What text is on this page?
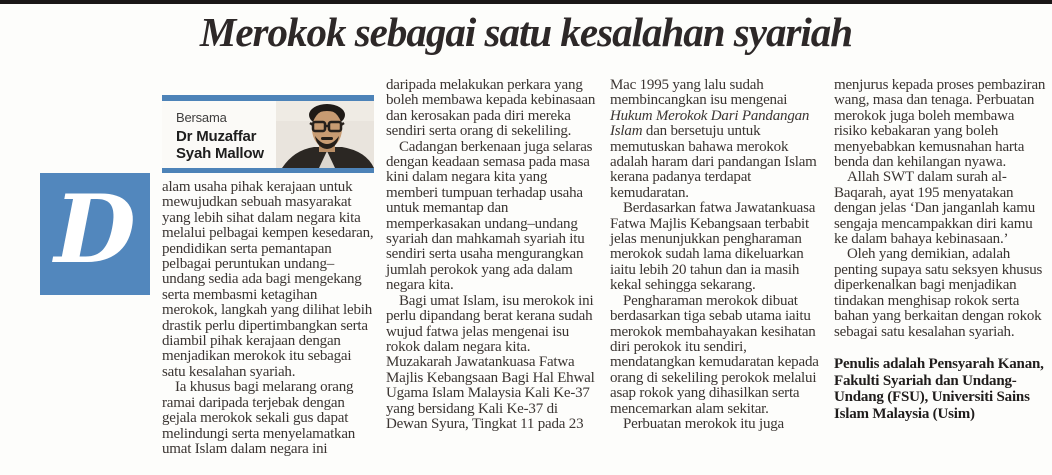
Merokok sebagai satu kesalahan syariah
D
Bersama
Dr Muzaffar Syah Mallow

alam usaha pihak kerajaan untuk mewujudkan sebuah masyarakat yang lebih sihat dalam negara kita melalui pelbagai kempen kesedaran, pendidikan serta pemantapan pelbagai peruntukan undang–undang sedia ada bagi mengekang serta membasmi ketagihan merokok, langkah yang dilihat lebih drastik perlu dipertimbangkan serta diambil pihak kerajaan dengan menjadikan merokok itu sebagai satu kesalahan syariah.

Ia khusus bagi melarang orang ramai daripada terjebak dengan gejala merokok sekali gus dapat melindungi serta menyelamatkan umat Islam dalam negara ini

daripada melakukan perkara yang boleh membawa kepada kebinasaan dan kerosakan pada diri mereka sendiri serta orang di sekeliling.

Cadangan berkenaan juga selaras dengan keadaan semasa pada masa kini dalam negara kita yang memberi tumpuan terhadap usaha untuk memantap dan memperkasakan undang–undang syariah dan mahkamah syariah itu sendiri serta usaha mengurangkan jumlah perokok yang ada dalam negara kita.

Bagi umat Islam, isu merokok ini perlu dipandang berat kerana sudah wujud fatwa jelas mengenai isu rokok dalam negara kita. Muzakarah Jawatankuasa Fatwa Majlis Kebangsaan Bagi Hal Ehwal Ugama Islam Malaysia Kali Ke-37 yang bersidang Kali Ke-37 di Dewan Syura, Tingkat 11 pada 23

Mac 1995 yang lalu sudah membincangkan isu mengenai Hukum Merokok Dari Pandangan Islam dan bersetuju untuk memutuskan bahawa merokok adalah haram dari pandangan Islam kerana padanya terdapat kemudaratan.

Berdasarkan fatwa Jawatankuasa Fatwa Majlis Kebangsaan terbabit jelas menunjukkan pengharaman merokok sudah lama dikeluarkan iaitu lebih 20 tahun dan ia masih kekal sehingga sekarang.

Pengharaman merokok dibuat berdasarkan tiga sebab utama iaitu merokok membahayakan kesihatan diri perokok itu sendiri, mendatangkan kemudaratan kepada orang di sekeliling perokok melalui asap rokok yang dihasilkan serta mencemarkan alam sekitar.

Perbuatan merokok itu juga

menjurus kepada proses pembaziran wang, masa dan tenaga. Perbuatan merokok juga boleh membawa risiko kebakaran yang boleh menyebabkan kemusnahan harta benda dan kehilangan nyawa.

Allah SWT dalam surah al-Baqarah, ayat 195 menyatakan dengan jelas ‘Dan janganlah kamu sengaja mencampakkan diri kamu ke dalam bahaya kebinasaan.’

Oleh yang demikian, adalah penting supaya satu seksyen khusus diperkenalkan bagi menjadikan tindakan menghisap rokok serta bahan yang berkaitan dengan rokok sebagai satu kesalahan syariah.

Penulis adalah Pensyarah Kanan, Fakulti Syariah dan Undang-Undang (FSU), Universiti Sains Islam Malaysia (Usim)
